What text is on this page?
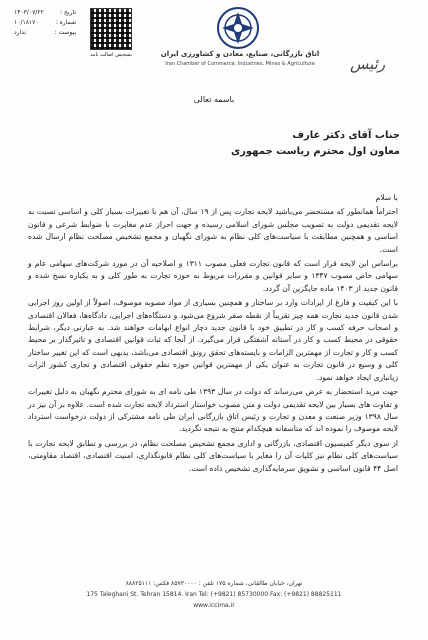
تاریخ :
۱۴۰۳/۰۷/۲۲
شماره :
۱۰/۱۸۱۷۰
پیوست :
ندارد
تشخیص اصالت نامه	اتاق بازرگانی، صنایع، معادن و کشاورزی ایران
Iran Chamber of Commerce, Industries, Mines & Agriculture	رئیس
باسمه تعالی
جناب آقای دکتر عارف
معاون اول محترم ریاست جمهوری

با سلام

احتراماً همانطور که مستحضر می‌باشید لایحه تجارت پس از ۱۹ سال، آن هم با تغییرات بسیار کلی و اساسی نسبت به لایحه تقدیمی دولت به تصویب مجلس شورای اسلامی رسیده و جهت احراز عدم مغایرت با ضوابط شرعی و قانون اساسی و همچنین مطابقت با سیاست‌های کلی نظام به شورای نگهبان و مجمع تشخیص مصلحت نظام ارسال شده است.

براساس این لایحه قرار است که قانون تجارت فعلی مصوب ۱۳۱۱ و اصلاحیه آن در مورد شرکت‌های سهامی عام و سهامی خاص مصوب ۱۳۴۷ و سایر قوانین و مقررات مربوط به حوزه تجارت به طور کلی و به یکباره نسخ شده و قانون جدید از ۱۴۰۳ ماده جایگزین آن گردد.

با این کیفیت و فارغ از ایرادات وارد بر ساختار و همچنین بسیاری از مواد مصوبه موصوف، اصولاً از اولین روز اجرایی شدن قانون جدید تجارت همه چیز تقریباً از نقطه صفر شروع می‌شود و دستگاه‌های اجرایی، دادگاه‌ها، فعالان اقتصادی و اصحاب حرفه کسب و کار در تطبیق خود با قانون جدید دچار انواع ابهامات خواهند شد. به عبارتی دیگر، شرایط حقوقی در محیط کسب و کار در آستانه آشفتگی قرار می‌گیرد. از آنجا که ثبات قوانین اقتصادی و تاثیرگذار بر محیط کسب و کار و تجارت از مهمترین الزامات و بایسته‌های تحقق رونق اقتصادی می‌باشد، بدیهی است که این تغییر ساختار کلی و وسیع در قانون تجارت به عنوان یکی از مهمترین قوانین حوزه نظم حقوقی اقتصادی و تجاری کشور اثرات زیانباری ایجاد خواهد نمود.

جهت مزید استحضار به عرض می‌رساند که دولت در سال ۱۳۹۳ طی نامه ای به شورای محترم نگهبان به دلیل تغییرات و تفاوت های بسیار بین لایحه تقدیمی دولت و متن مصوب خواستار استرداد لایحه تجارت شده است. علاوه بر آن نیز در سال ۱۳۹۸ وزیر صنعت و معدن و تجارت و رئیس اتاق بازرگانی ایران طی نامه مشترکی از دولت درخواست استرداد لایحه موصوف را نموده اند که متاسفانه هیچکدام منتج به نتیجه نگردید.

از سوی دیگر کمیسیون اقتصادی، بازرگانی و اداری مجمع تشخیص مصلحت نظام، در بررسی و تطابق لایحه تجارت با سیاست‌های کلی نظام نیز کلیات آن را مغایر با سیاست‌های کلی نظام قانونگذاری، امنیت اقتصادی، اقتصاد مقاومتی، اصل ۴۴ قانون اساسی و تشویق سرمایه‌گذاری تشخیص داده است.

تهران، خیابان طالقانی، شماره ۱۷۵ تلفن : ۸۵۷۳۰۰۰۰ فکس: ۸۸۸۲۵۱۱۱
175 Taleghani St. Tehran 15814. Iran Tel: (+9821) 85730000 Fax: (+9821) 88825111
www.iccima.ir
